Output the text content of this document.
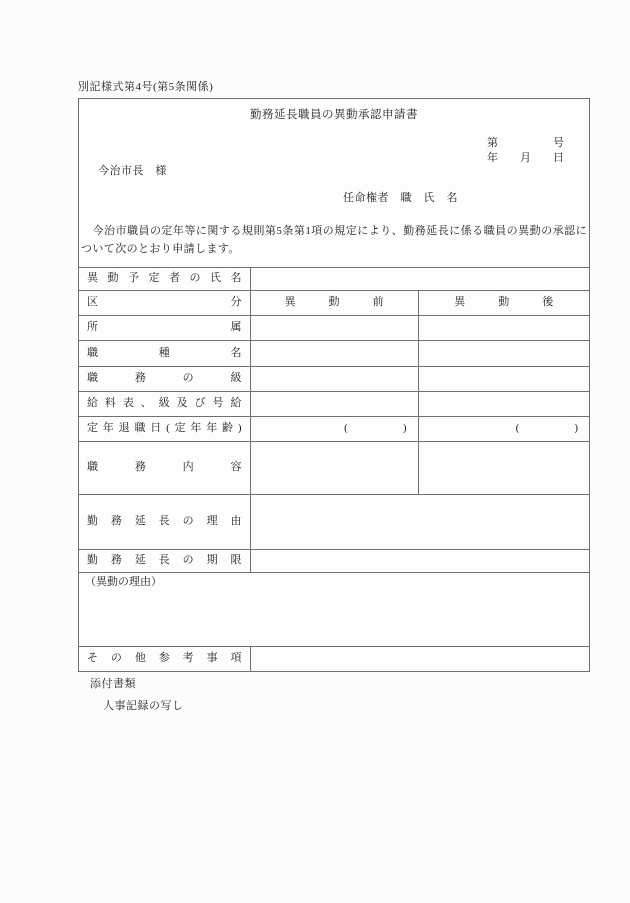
別記様式第4号(第5条関係)
勤務延長職員の異動承認申請書
第　　　　　号
年　　月　　日
今治市長　様
任命権者　職　氏　名
　今治市職員の定年等に関する規則第5条第1項の規定により、勤務延長に係る職員の異動の承認について次のとおり申請します。
異動予定者の氏名		
区分	異　　　動　　　前	異　　　動　　　後
所属		
職種名		
職務の級		
給料表、級及び号給		
定年退職日(定年年齢)	(　　　　　)	(　　　　　)
職務内容		
勤務延長の理由		
勤務延長の期限		
（異動の理由）		
その他参考事項		
添付書類
人事記録の写し
